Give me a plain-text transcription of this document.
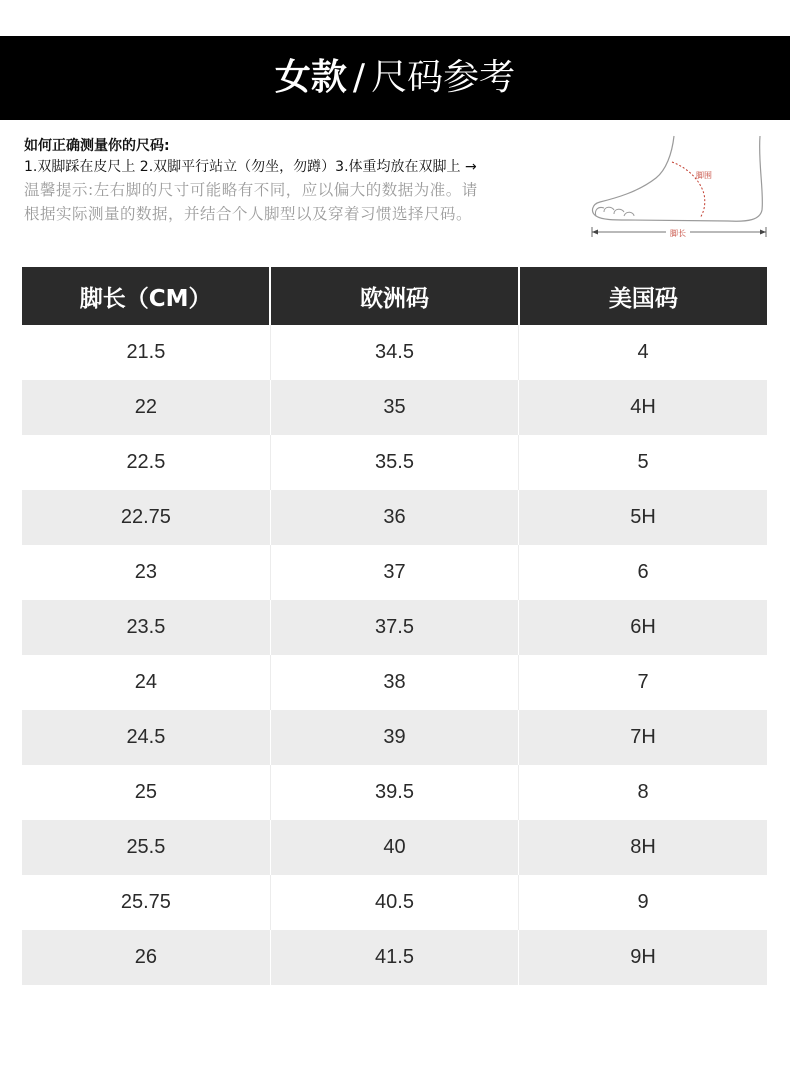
女款 / 尺码参考
如何正确测量你的尺码:
1.双脚踩在皮尺上 2.双脚平行站立（勿坐，勿蹲）3.体重均放在双脚上 →
温馨提示:左右脚的尺寸可能略有不同，应以偏大的数据为准。请
根据实际测量的数据，并结合个人脚型以及穿着习惯选择尺码。
脚围
脚长
脚长（CM）	欧洲码	美国码
21.5	34.5	4
22	35	4H
22.5	35.5	5
22.75	36	5H
23	37	6
23.5	37.5	6H
24	38	7
24.5	39	7H
25	39.5	8
25.5	40	8H
25.75	40.5	9
26	41.5	9H
